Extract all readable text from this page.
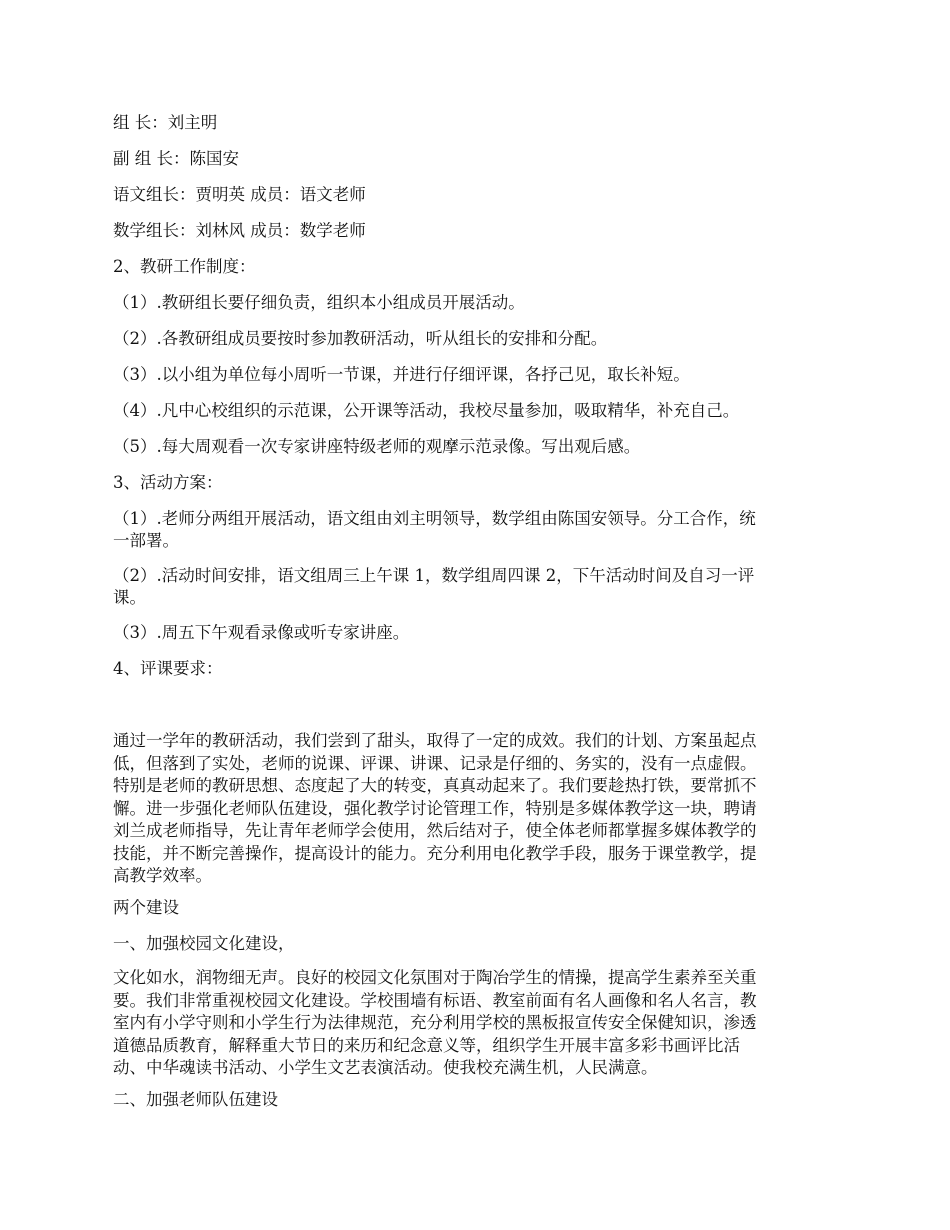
组 长：刘主明

副 组 长：陈国安

语文组长：贾明英 成员：语文老师

数学组长：刘林风 成员：数学老师

2、教研工作制度：

（1）.教研组长要仔细负责，组织本小组成员开展活动。

（2）.各教研组成员要按时参加教研活动，听从组长的安排和分配。

（3）.以小组为单位每小周听一节课，并进行仔细评课，各抒己见，取长补短。

（4）.凡中心校组织的示范课，公开课等活动，我校尽量参加，吸取精华，补充自己。

（5）.每大周观看一次专家讲座特级老师的观摩示范录像。写出观后感。

3、活动方案：

（1）.老师分两组开展活动，语文组由刘主明领导，数学组由陈国安领导。分工合作，统

一部署。

（2）.活动时间安排，语文组周三上午课 1，数学组周四课 2，下午活动时间及自习一评

课。

（3）.周五下午观看录像或听专家讲座。

4、评课要求：

通过一学年的教研活动，我们尝到了甜头，取得了一定的成效。我们的计划、方案虽起点
低，但落到了实处，老师的说课、评课、讲课、记录是仔细的、务实的，没有一点虚假。
特别是老师的教研思想、态度起了大的转变，真真动起来了。我们要趁热打铁，要常抓不
懈。进一步强化老师队伍建设，强化教学讨论管理工作，特别是多媒体教学这一块，聘请
刘兰成老师指导，先让青年老师学会使用，然后结对子，使全体老师都掌握多媒体教学的
技能，并不断完善操作，提高设计的能力。充分利用电化教学手段，服务于课堂教学，提
高教学效率。

两个建设

一、加强校园文化建设，

文化如水，润物细无声。良好的校园文化氛围对于陶冶学生的情操，提高学生素养至关重
要。我们非常重视校园文化建设。学校围墙有标语、教室前面有名人画像和名人名言，教
室内有小学守则和小学生行为法律规范，充分利用学校的黑板报宣传安全保健知识，渗透
道德品质教育，解释重大节日的来历和纪念意义等，组织学生开展丰富多彩书画评比活
动、中华魂读书活动、小学生文艺表演活动。使我校充满生机，人民满意。

二、加强老师队伍建设
